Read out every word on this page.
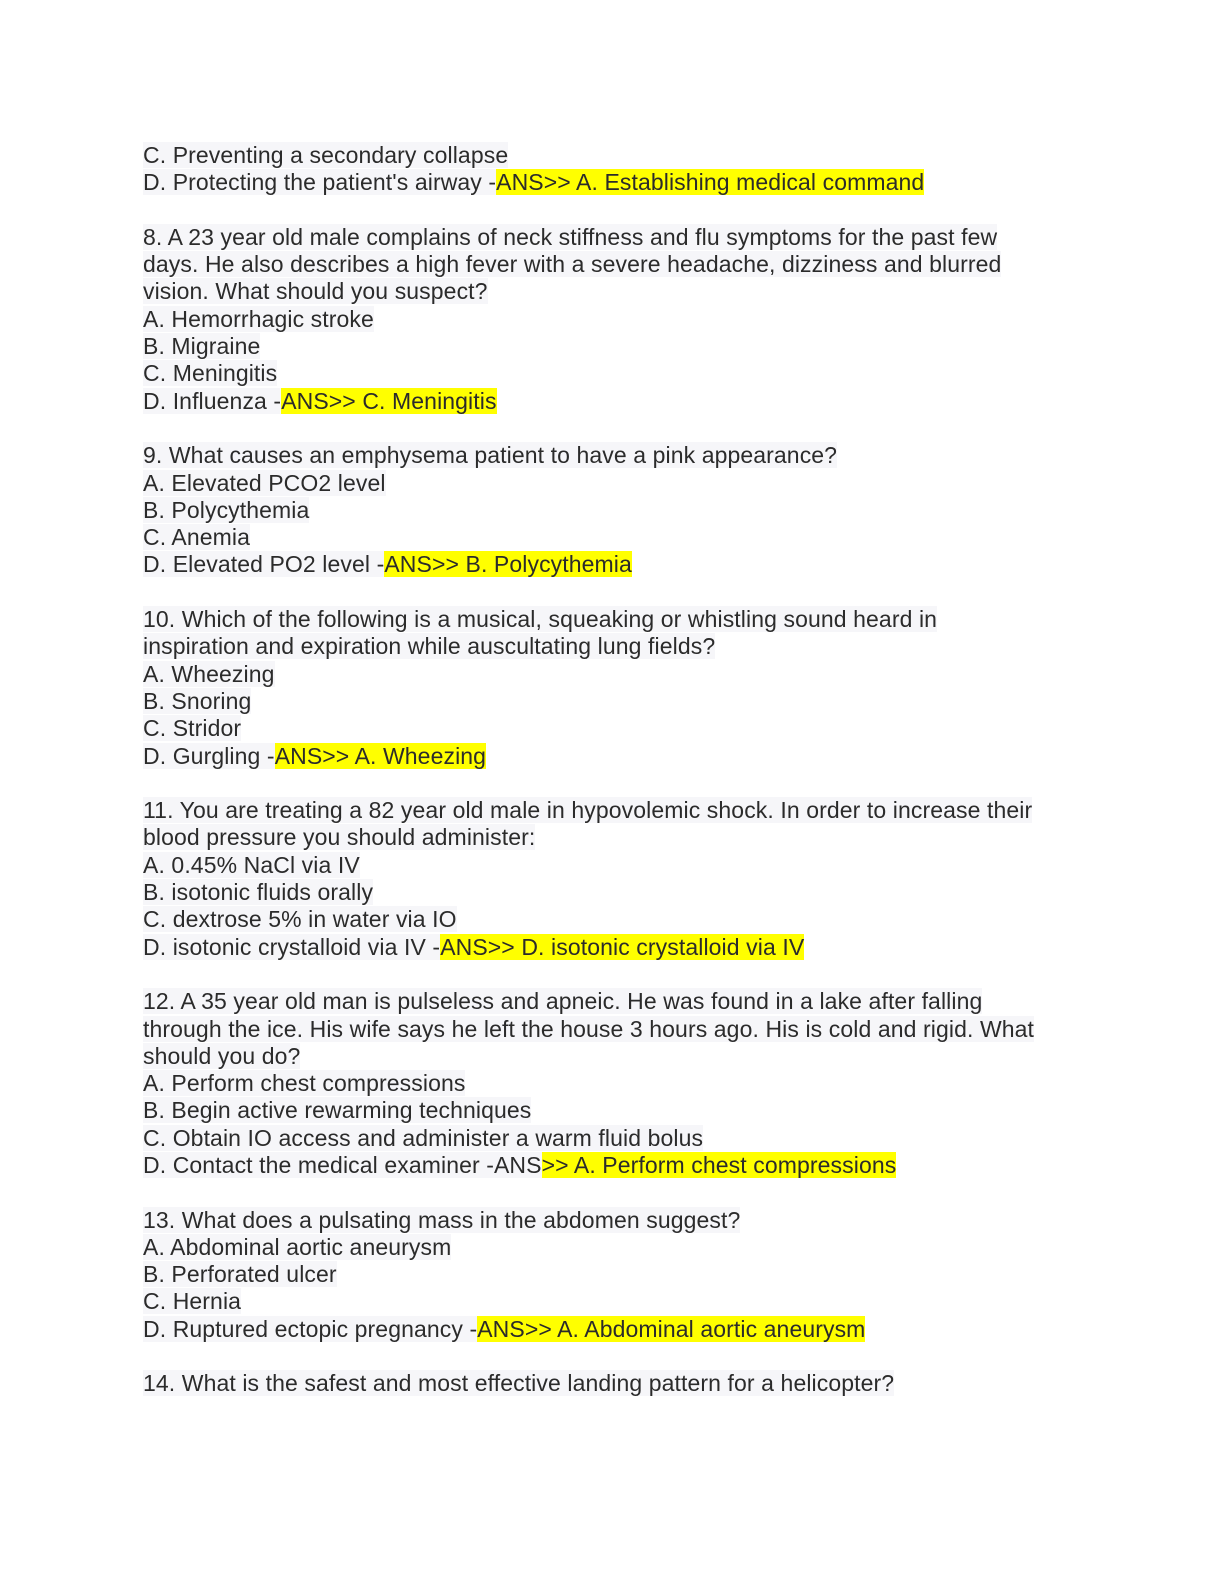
C. Preventing a secondary collapse
D. Protecting the patient's airway -ANS>> A. Establishing medical command
8. A 23 year old male complains of neck stiffness and flu symptoms for the past few
days. He also describes a high fever with a severe headache, dizziness and blurred
vision. What should you suspect?
A. Hemorrhagic stroke
B. Migraine
C. Meningitis
D. Influenza -ANS>> C. Meningitis
9. What causes an emphysema patient to have a pink appearance?
A. Elevated PCO2 level
B. Polycythemia
C. Anemia
D. Elevated PO2 level -ANS>> B. Polycythemia
10. Which of the following is a musical, squeaking or whistling sound heard in
inspiration and expiration while auscultating lung fields?
A. Wheezing
B. Snoring
C. Stridor
D. Gurgling -ANS>> A. Wheezing
11. You are treating a 82 year old male in hypovolemic shock. In order to increase their
blood pressure you should administer:
A. 0.45% NaCl via IV
B. isotonic fluids orally
C. dextrose 5% in water via IO
D. isotonic crystalloid via IV -ANS>> D. isotonic crystalloid via IV
12. A 35 year old man is pulseless and apneic. He was found in a lake after falling
through the ice. His wife says he left the house 3 hours ago. His is cold and rigid. What
should you do?
A. Perform chest compressions
B. Begin active rewarming techniques
C. Obtain IO access and administer a warm fluid bolus
D. Contact the medical examiner -ANS>> A. Perform chest compressions
13. What does a pulsating mass in the abdomen suggest?
A. Abdominal aortic aneurysm
B. Perforated ulcer
C. Hernia
D. Ruptured ectopic pregnancy -ANS>> A. Abdominal aortic aneurysm
14. What is the safest and most effective landing pattern for a helicopter?
